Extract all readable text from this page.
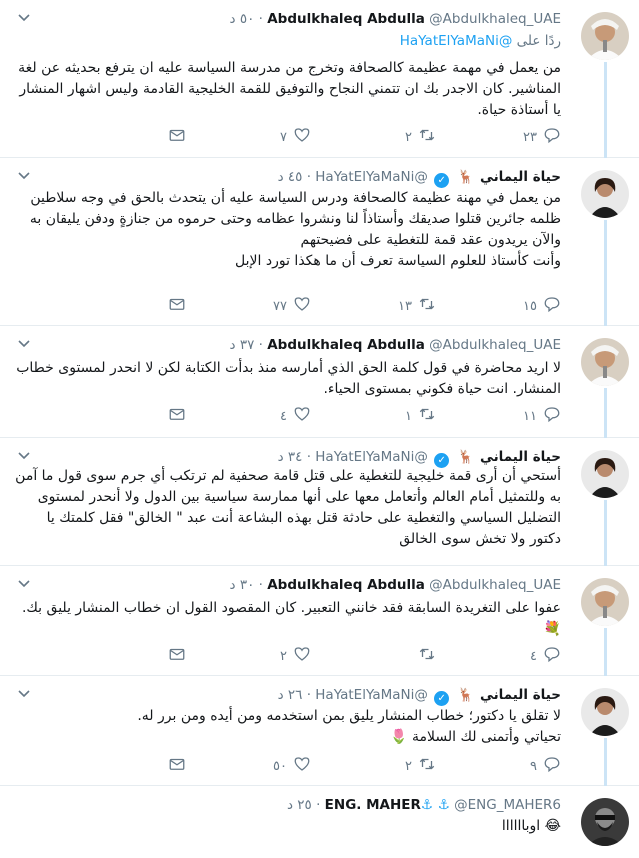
Abdulkhaleq Abdulla @Abdulkhaleq_UAE · ٥٠ د
ردًا على @HaYatElYaMaNi
من يعمل في مهمة عظيمة كالصحافة وتخرج من مدرسة السياسة عليه ان يترفع بحديثه عن لغة المناشير. كان الاجدر بك ان تتمني النجاح والتوفيق للقمة الخليجية القادمة وليس اشهار المنشار يا أستاذة حياة.
٢٣
٢
٧
حياة اليماني 🦌 ✓ @HaYatElYaMaNi · ٤٥ د
من يعمل في مهنة عظيمة كالصحافة ودرس السياسة عليه أن يتحدث بالحق في وجه سلاطين ظلمه جائرين قتلوا صديقك وأستاذاً لنا ونشروا عظامه وحتى حرموه من جنازةٍ ودفن يليقان به
والآن يريدون عقد قمة للتغطية على فضيحتهم
وأنت كأستاذ للعلوم السياسة تعرف أن ما هكذا تورد الإبل
١٥
١٣
٧٧
Abdulkhaleq Abdulla @Abdulkhaleq_UAE · ٣٧ د
لا اريد محاضرة في قول كلمة الحق الذي أمارسه منذ بدأت الكتابة لكن لا انحدر لمستوى خطاب المنشار. انت حياة فكوني بمستوى الحياء.
١١
١
٤
حياة اليماني 🦌 ✓ @HaYatElYaMaNi · ٣٤ د
أستحي أن أرى قمة خليجية للتغطية على قتل قامة صحفية لم ترتكب أي جرم سوى قول ما آمن به وللتمثيل أمام العالم وأتعامل معها على أنها ممارسة سياسية بين الدول ولا أنحدر لمستوى التضليل السياسي والتغطية على حادثة قتل بهذه البشاعة أنت عبد " الخالق" فقل كلمتك يا دكتور ولا تخش سوى الخالق
Abdulkhaleq Abdulla @Abdulkhaleq_UAE · ٣٠ د
عفوا على التغريدة السابقة فقد خانني التعبير. كان المقصود القول ان خطاب المنشار يليق بك. 💐
٤
٢
حياة اليماني 🦌 ✓ @HaYatElYaMaNi · ٢٦ د
لا تقلق يا دكتور؛ خطاب المنشار يليق بمن استخدمه ومن أيده ومن برر له.
تحياتي وأتمنى لك السلامة 🌷
٩
٢
٥٠
ENG. MAHER⚓ ⚓ @ENG_MAHER6 · ٢٥ د
😂 اوباااااا
